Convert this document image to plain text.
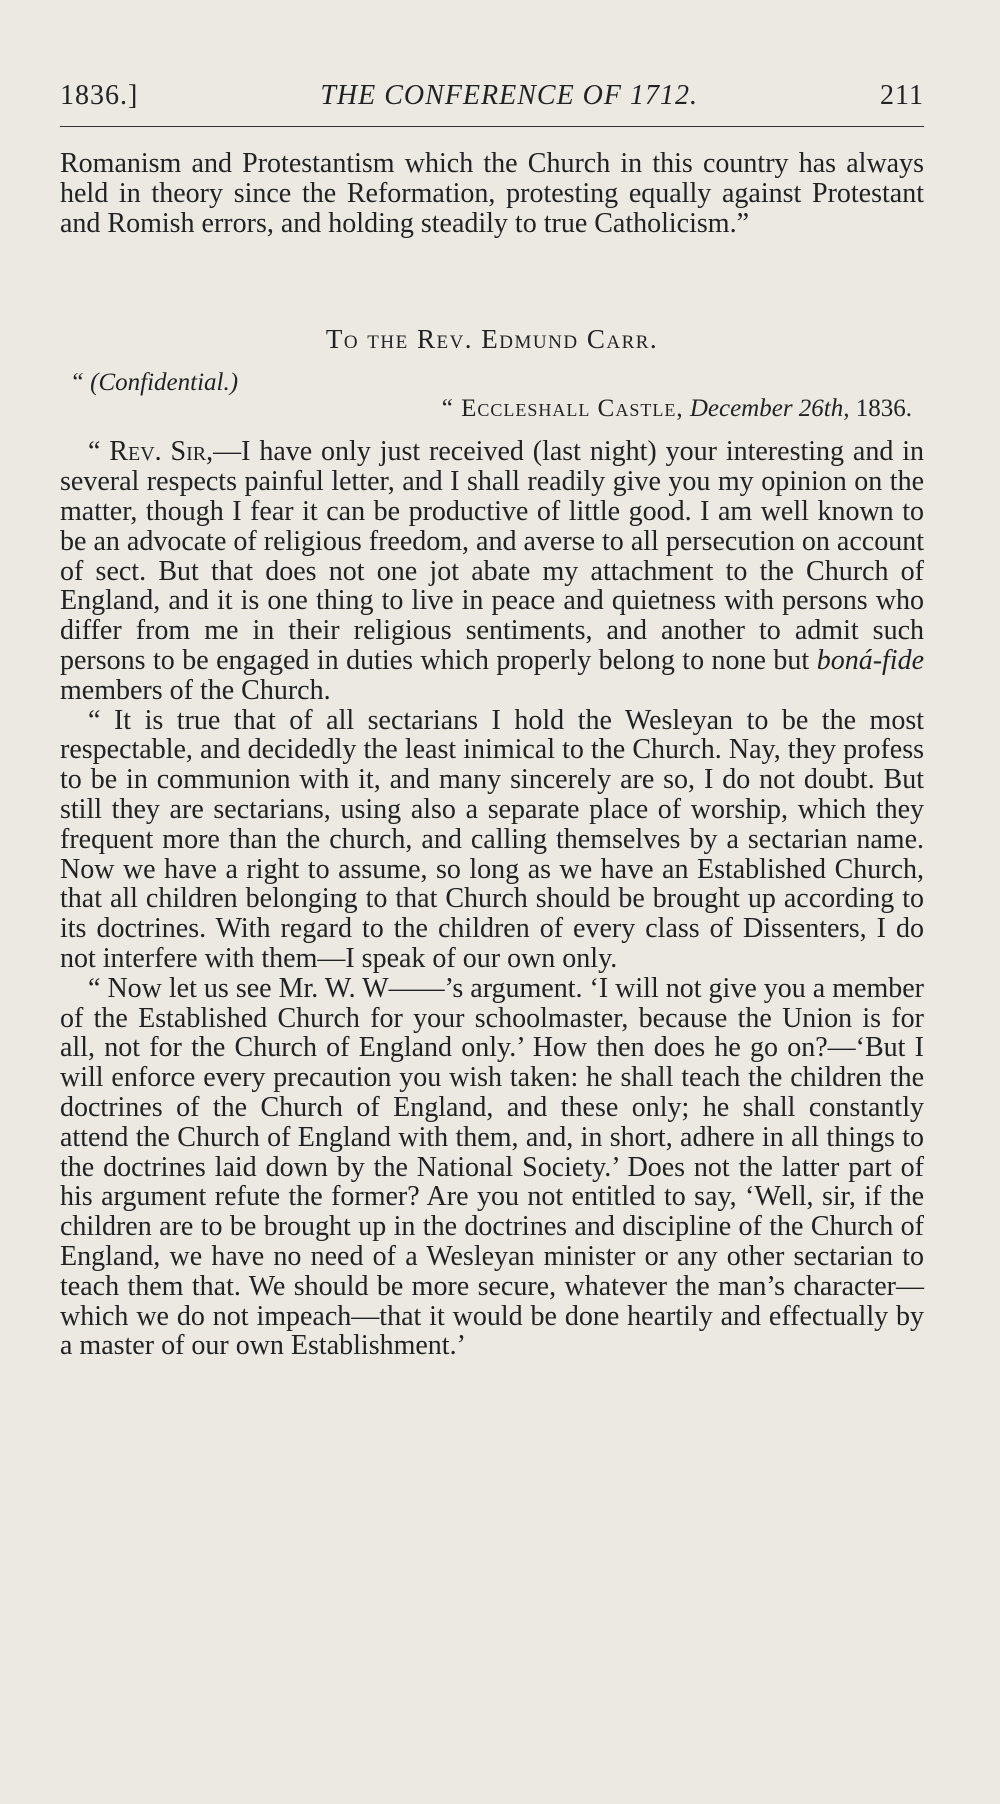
1836.]	THE CONFERENCE OF 1712.	211

Romanism and Protestantism which the Church in this country has always held in theory since the Reformation, protesting equally against Protestant and Romish errors, and holding steadily to true Catholicism.”

To the Rev. Edmund Carr.
“ (Confidential.)
“ Eccleshall Castle, December 26th, 1836.

“ Rev. Sir,—I have only just received (last night) your interesting and in several respects painful letter, and I shall readily give you my opinion on the matter, though I fear it can be productive of little good. I am well known to be an advocate of religious freedom, and averse to all persecution on account of sect. But that does not one jot abate my attachment to the Church of England, and it is one thing to live in peace and quietness with persons who differ from me in their religious sentiments, and another to admit such persons to be engaged in duties which properly belong to none but boná-fide members of the Church.

“ It is true that of all sectarians I hold the Wesleyan to be the most respectable, and decidedly the least inimical to the Church. Nay, they profess to be in communion with it, and many sincerely are so, I do not doubt. But still they are sectarians, using also a separate place of worship, which they frequent more than the church, and calling themselves by a sectarian name. Now we have a right to assume, so long as we have an Established Church, that all children belonging to that Church should be brought up according to its doctrines. With regard to the children of every class of Dissenters, I do not interfere with them—I speak of our own only.

“ Now let us see Mr. W. W——’s argument. ‘I will not give you a member of the Established Church for your schoolmaster, because the Union is for all, not for the Church of England only.’ How then does he go on?—‘But I will enforce every precaution you wish taken: he shall teach the children the doctrines of the Church of England, and these only; he shall constantly attend the Church of England with them, and, in short, adhere in all things to the doctrines laid down by the National Society.’ Does not the latter part of his argument refute the former? Are you not entitled to say, ‘Well, sir, if the children are to be brought up in the doctrines and discipline of the Church of England, we have no need of a Wesleyan minister or any other sectarian to teach them that. We should be more secure, whatever the man’s character—which we do not impeach—that it would be done heartily and effectually by a master of our own Establishment.’
